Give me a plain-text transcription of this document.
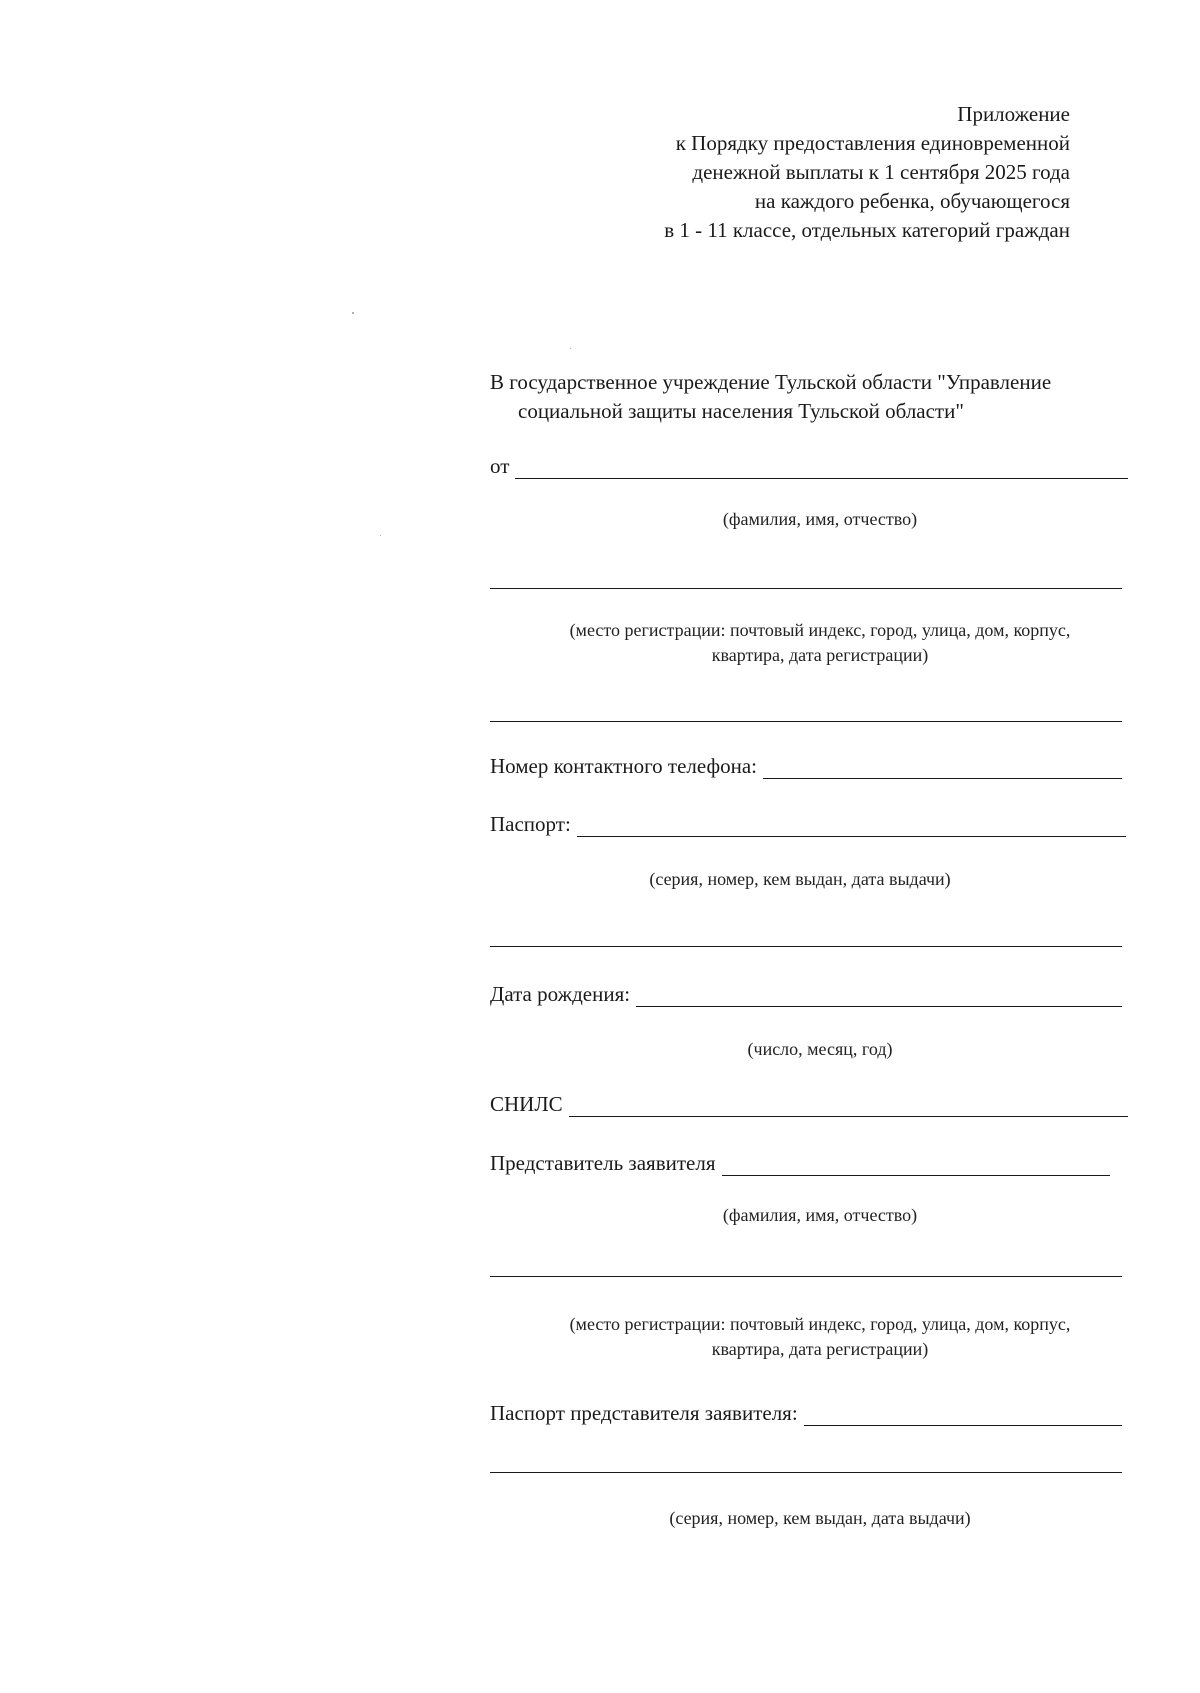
Приложение
к Порядку предоставления единовременной
денежной выплаты к 1 сентября 2025 года
на каждого ребенка, обучающегося
в 1 - 11 классе, отдельных категорий граждан
В государственное учреждение Тульской области "Управление
социальной защиты населения Тульской области"
от
(фамилия, имя, отчество)
(место регистрации: почтовый индекс, город, улица, дом, корпус,
квартира, дата регистрации)
Номер контактного телефона:
Паспорт:
(серия, номер, кем выдан, дата выдачи)
Дата рождения:
(число, месяц, год)
СНИЛС
Представитель заявителя
(фамилия, имя, отчество)
(место регистрации: почтовый индекс, город, улица, дом, корпус,
квартира, дата регистрации)
Паспорт представителя заявителя:
(серия, номер, кем выдан, дата выдачи)
